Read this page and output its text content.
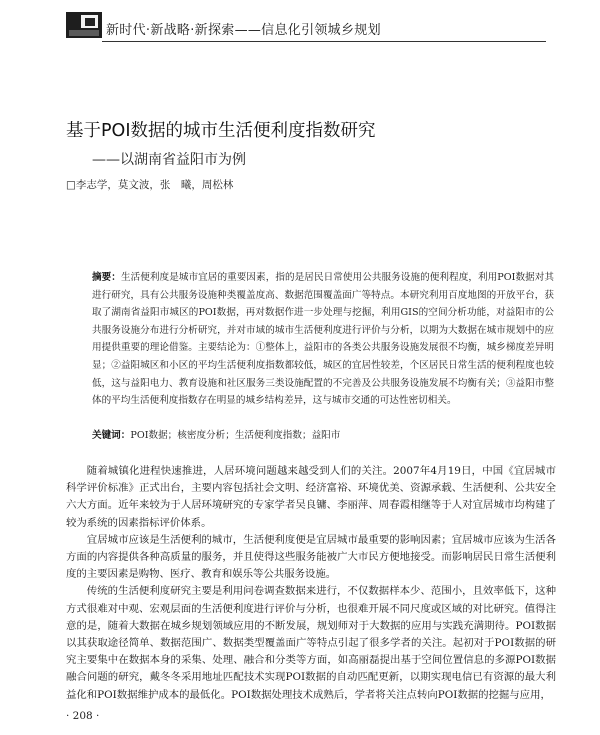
新时代·新战略·新探索——信息化引领城乡规划
基于POI数据的城市生活便利度指数研究
——以湖南省益阳市为例
□李志学，莫文波，张　曦，周松林
摘要：生活便利度是城市宜居的重要因素，指的是居民日常使用公共服务设施的便利程度，利用POI数据对其进行研究，具有公共服务设施种类覆盖度高、数据范围覆盖面广等特点。本研究利用百度地图的开放平台，获取了湖南省益阳市城区的POI数据，再对数据作进一步处理与挖掘，利用GIS的空间分析功能，对益阳市的公共服务设施分布进行分析研究，并对市域的城市生活便利度进行评价与分析，以期为大数据在城市规划中的应用提供重要的理论借鉴。主要结论为：①整体上，益阳市的各类公共服务设施发展很不均衡，城乡梯度差异明显；②益阳城区和小区的平均生活便利度指数都较低，城区的宜居性较差，个区居民日常生活的便利程度也较低，这与益阳电力、教育设施和社区服务三类设施配置的不完善及公共服务设施发展不均衡有关；③益阳市整体的平均生活便利度指数存在明显的城乡结构差异，这与城市交通的可达性密切相关。
关键词：POI数据；核密度分析；生活便利度指数；益阳市

随着城镇化进程快速推进，人居环境问题越来越受到人们的关注。2007年4月19日，中国《宜居城市科学评价标准》正式出台，主要内容包括社会文明、经济富裕、环境优美、资源承载、生活便利、公共安全六大方面。近年来较为于人居环境研究的专家学者吴良镛、李丽萍、周春霞相继等于人对宜居城市均构建了较为系统的因素指标评价体系。

宜居城市应该是生活便利的城市，生活便利度便是宜居城市最重要的影响因素；宜居城市应该为生活各方面的内容提供各种高质量的服务，并且使得这些服务能被广大市民方便地接受。而影响居民日常生活便利度的主要因素是购物、医疗、教育和娱乐等公共服务设施。

传统的生活便利度研究主要是利用问卷调查数据来进行，不仅数据样本少、范围小，且效率低下，这种方式很难对中观、宏观层面的生活便利度进行评价与分析，也很难开展不同尺度或区域的对比研究。值得注意的是，随着大数据在城乡规划领域应用的不断发展，规划师对于大数据的应用与实践充满期待。POI数据以其获取途径简单、数据范围广、数据类型覆盖面广等特点引起了很多学者的关注。起初对于POI数据的研究主要集中在数据本身的采集、处理、融合和分类等方面，如高丽磊提出基于空间位置信息的多源POI数据融合问题的研究，戴冬冬采用地址匹配技术实现POI数据的自动匹配更新，以期实现电信已有资源的最大利益化和POI数据维护成本的最低化。POI数据处理技术成熟后，学者将关注点转向POI数据的挖掘与应用，

· 208 ·
